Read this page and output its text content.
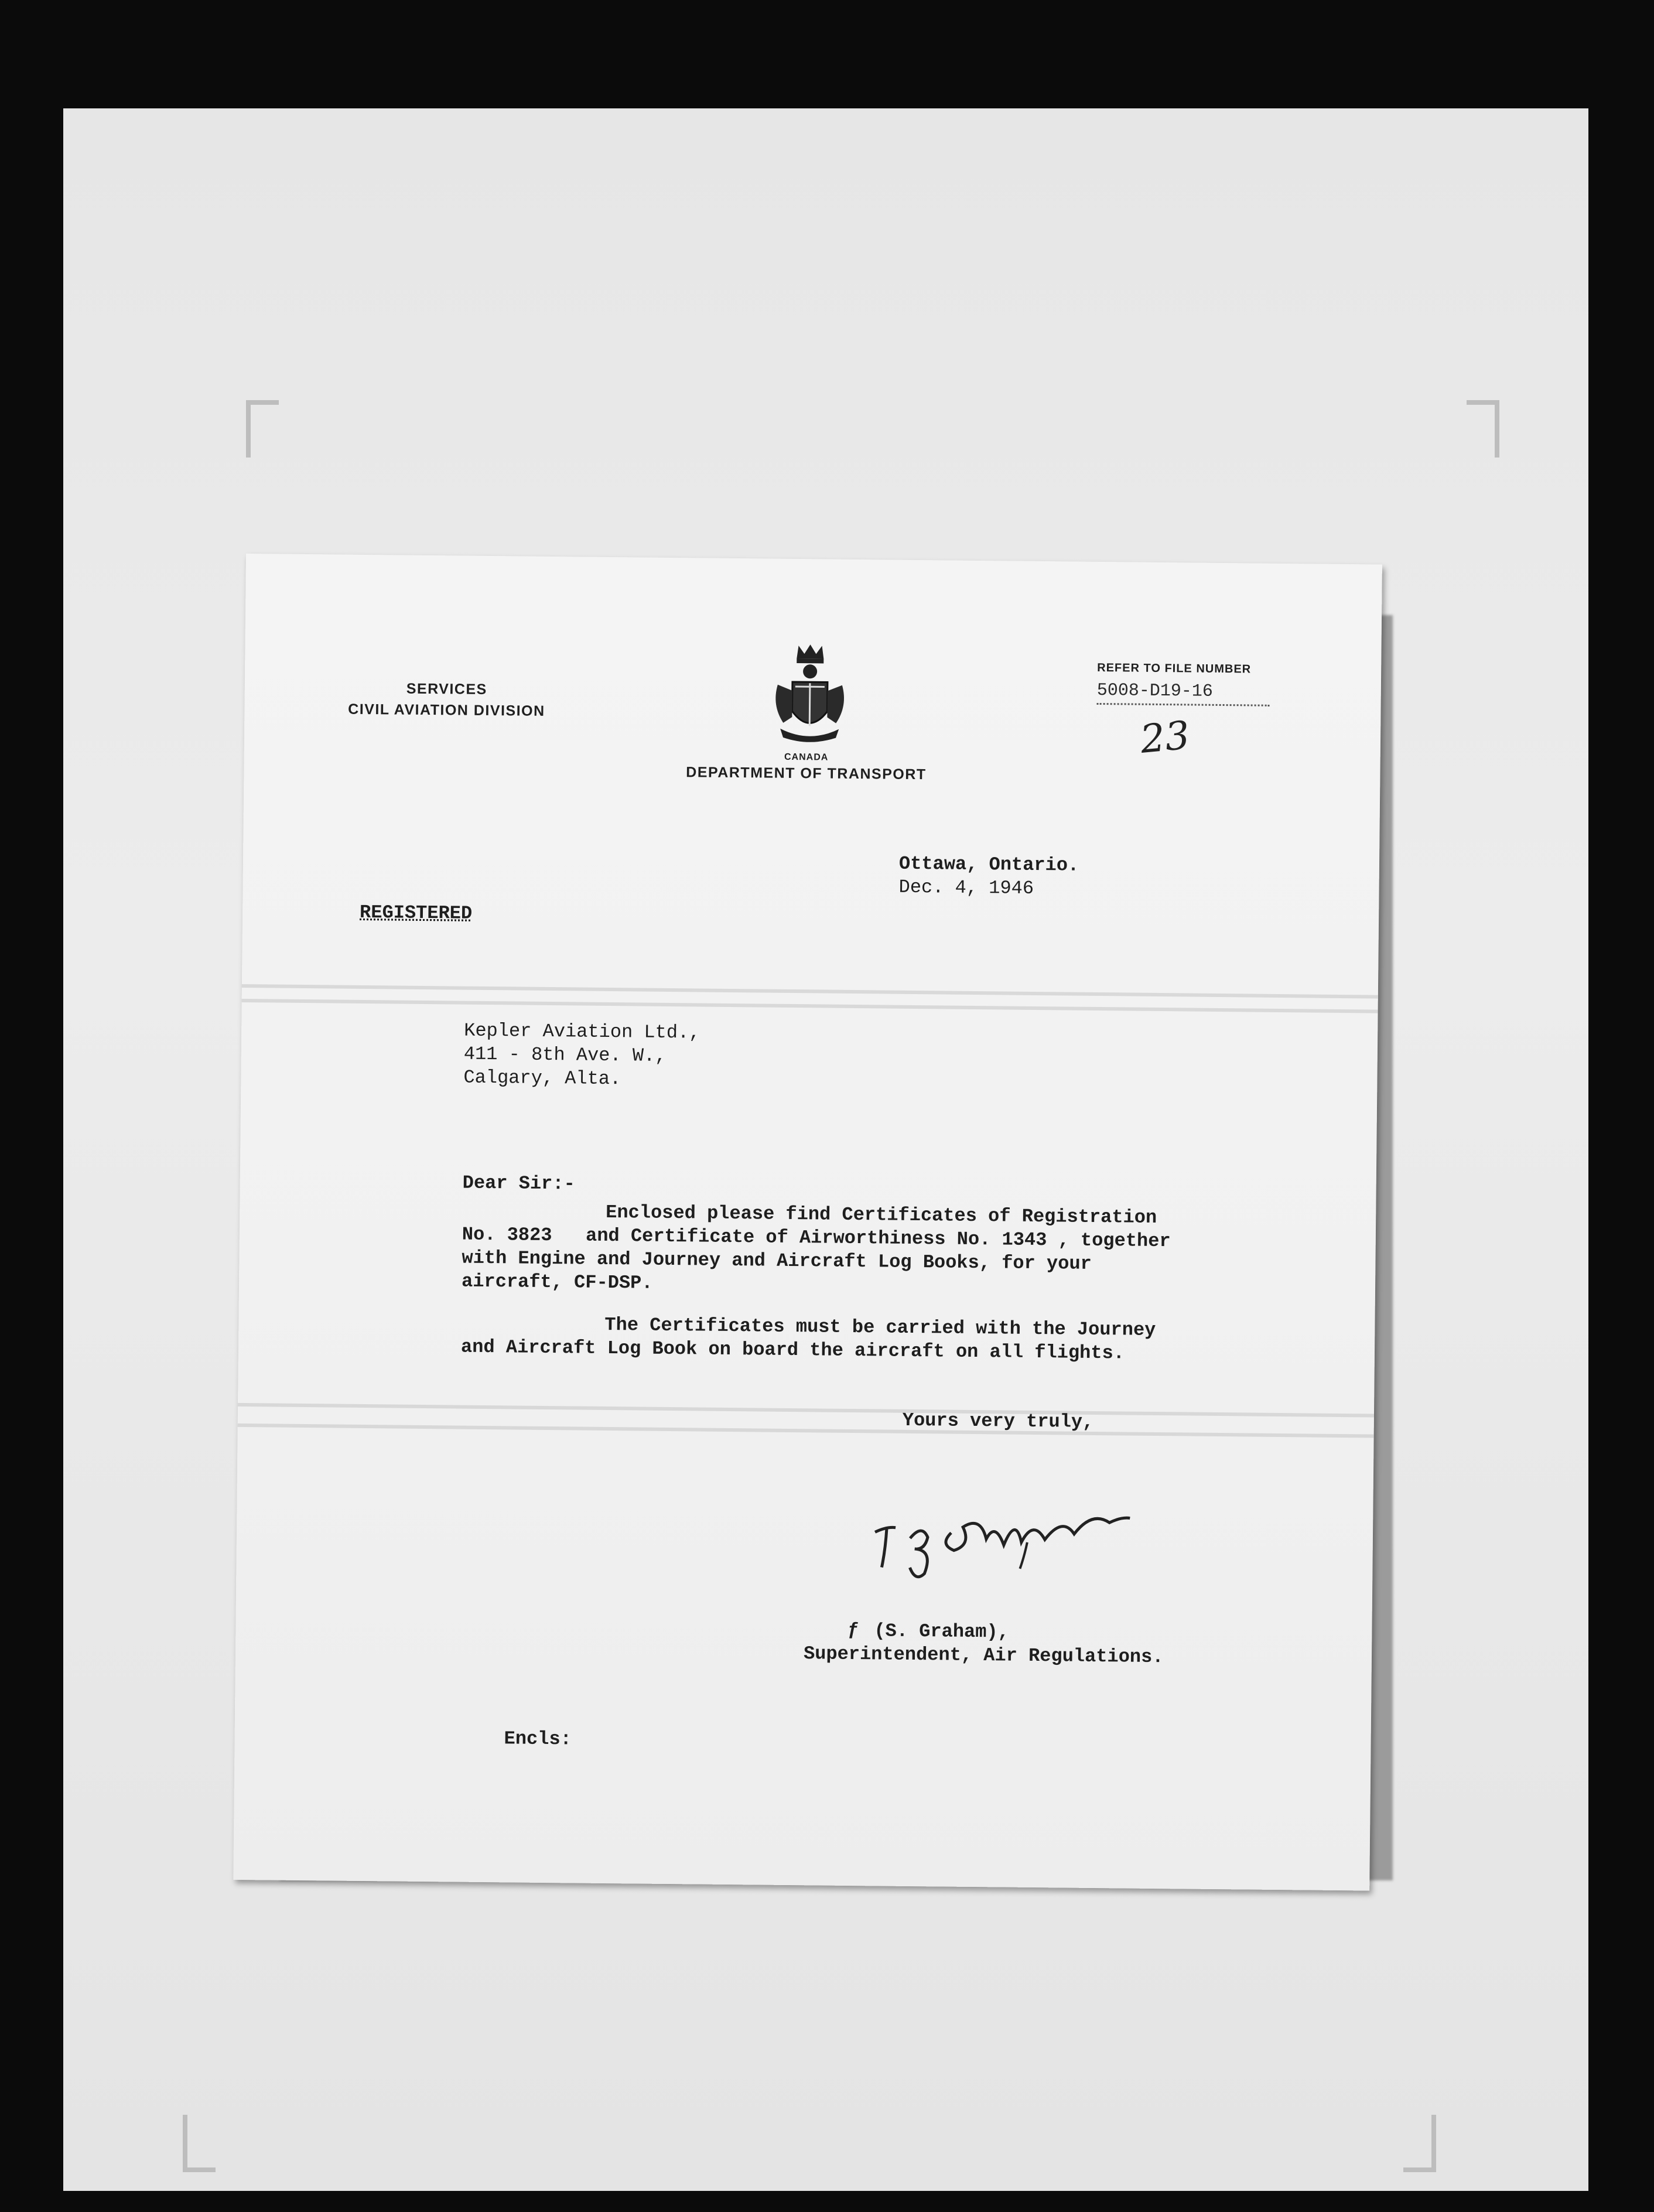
SERVICES
CIVIL AVIATION DIVISION
CANADA
DEPARTMENT OF TRANSPORT
REFER TO FILE NUMBER
5008-D19-16
23
Ottawa, Ontario.
Dec. 4, 1946
REGISTERED
Kepler Aviation Ltd.,
411 - 8th Ave. W.,
Calgary, Alta.
Dear Sir:-
Enclosed please find Certificates of Registration
No. 3823   and Certificate of Airworthiness No. 1343 , together
with Engine and Journey and Aircraft Log Books, for your
aircraft, CF-DSP.
The Certificates must be carried with the Journey
and Aircraft Log Book on board the aircraft on all flights.
Yours very truly,
ƒ (S. Graham),
Superintendent, Air Regulations.
Encls:
